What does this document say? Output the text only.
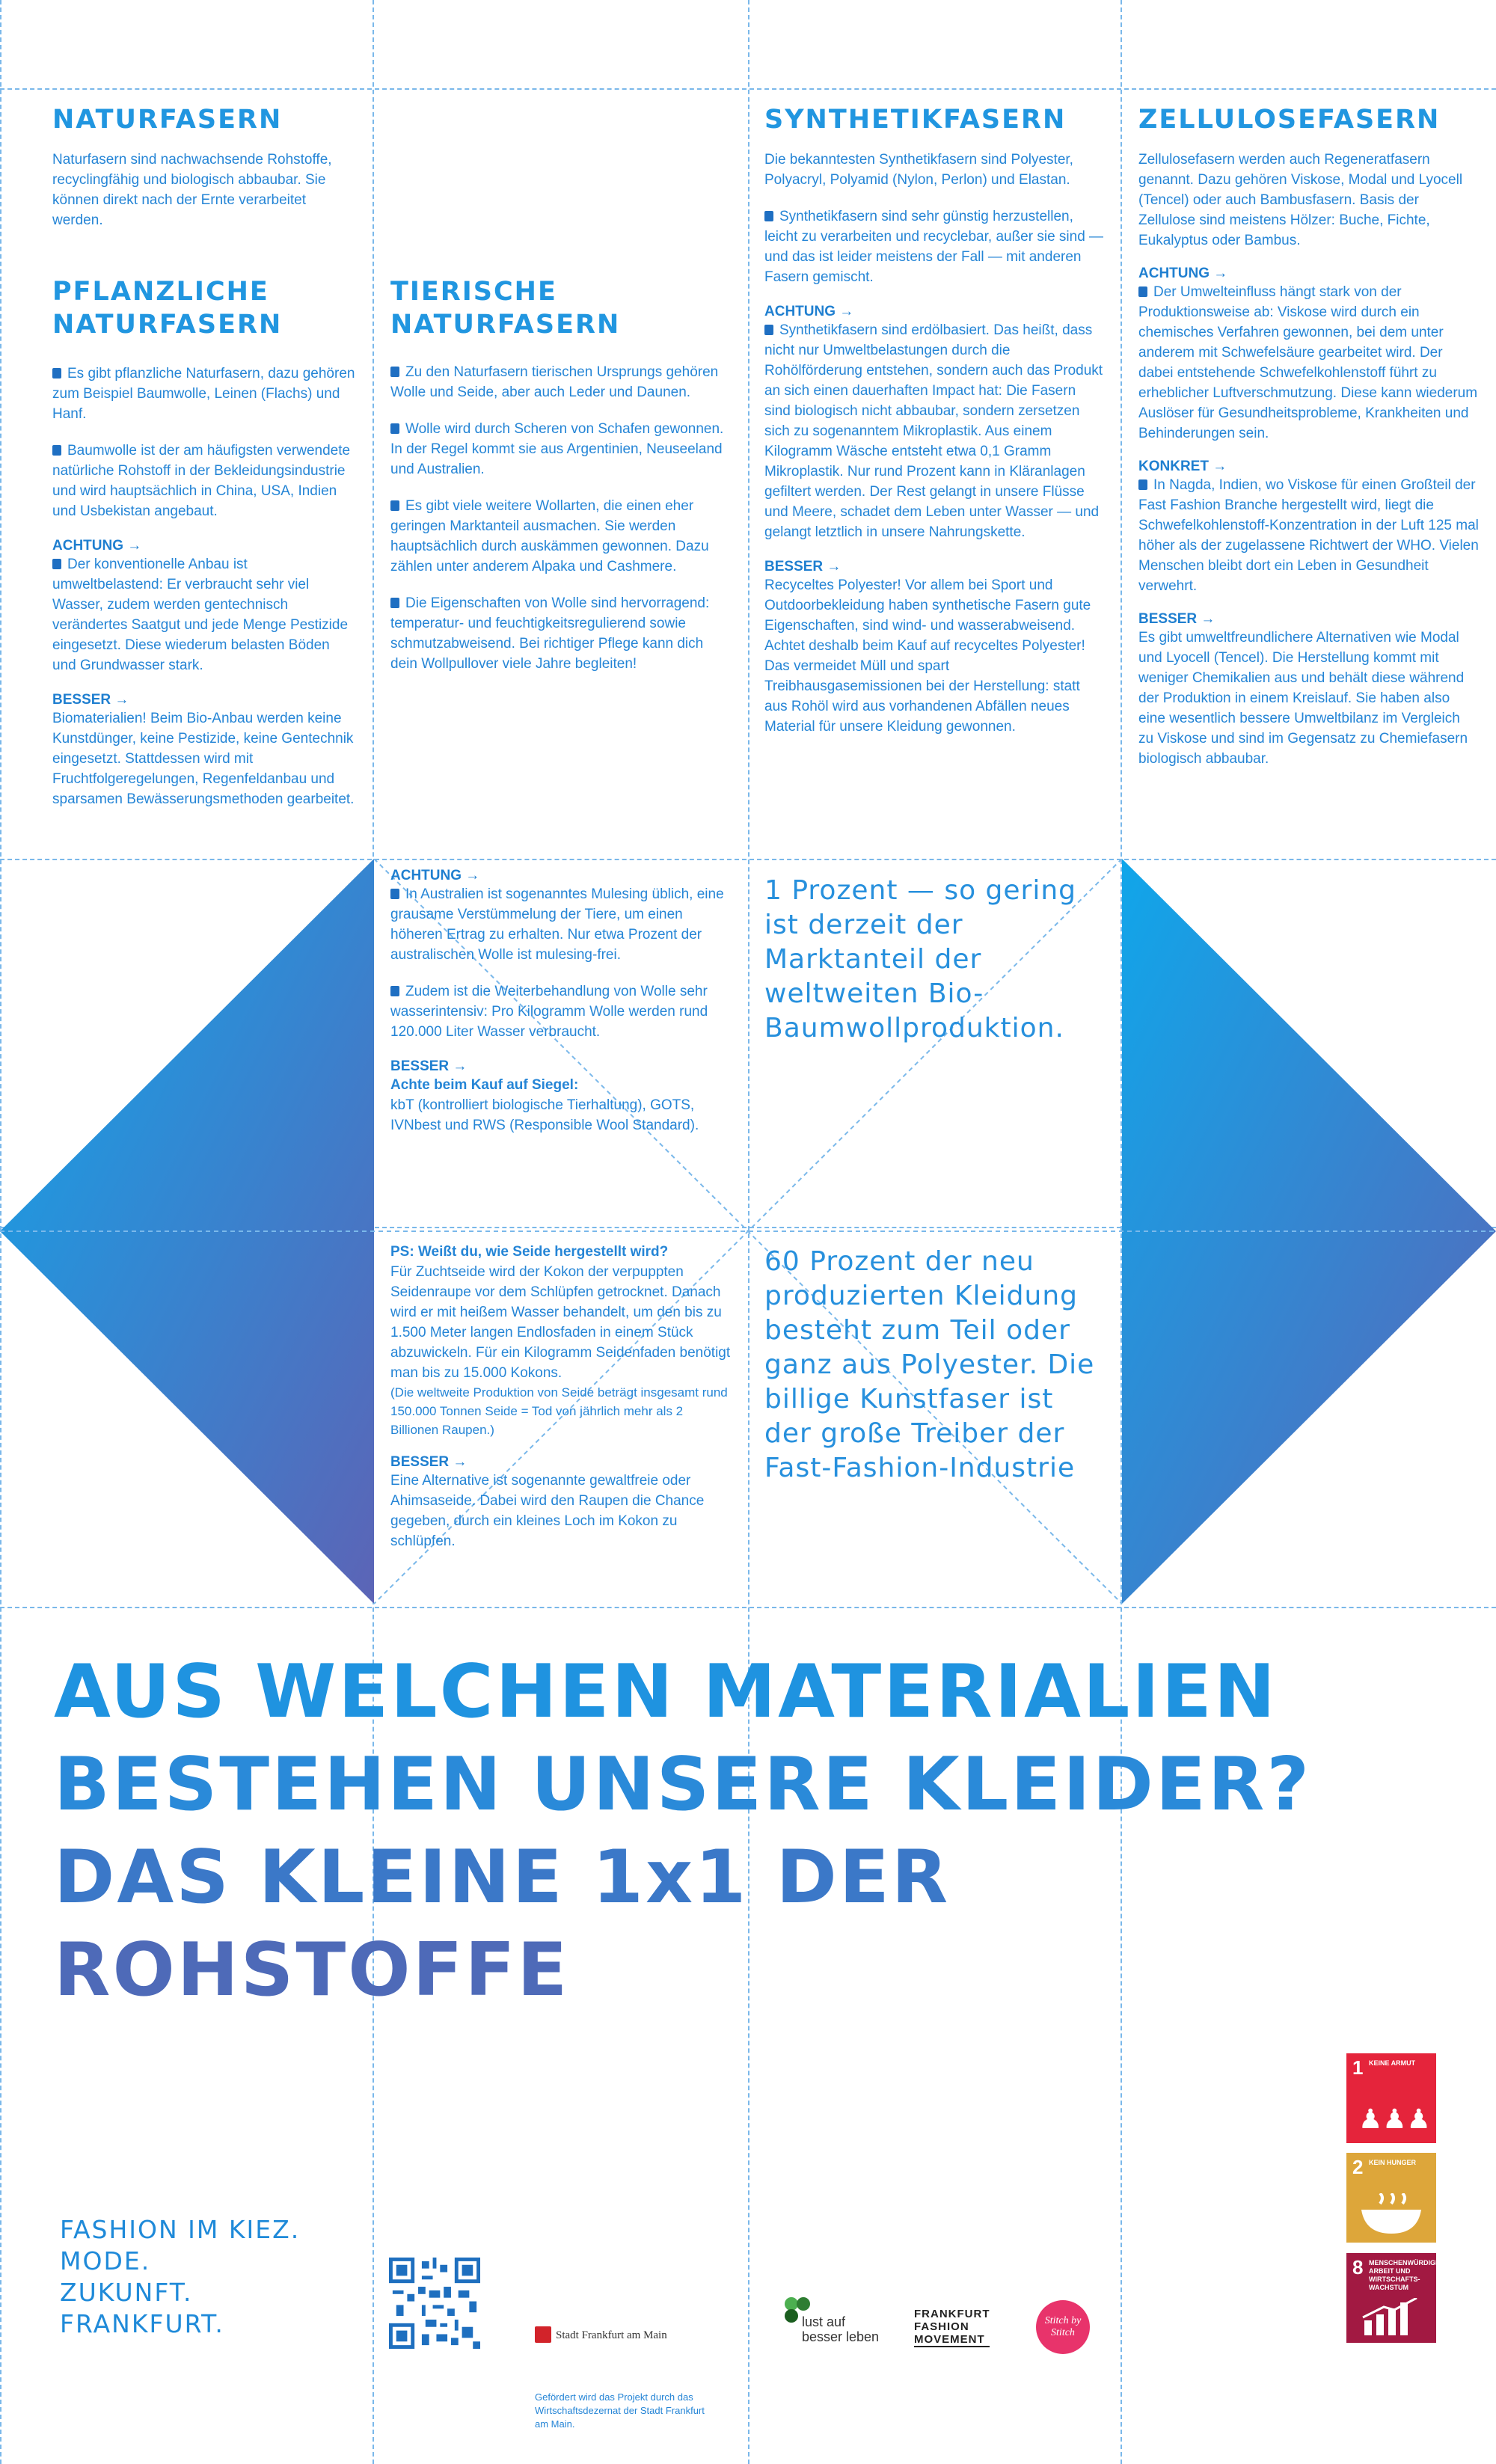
NATURFASERN
Naturfasern sind nachwachsende Rohstoffe, recyclingfähig und biologisch abbaubar. Sie können direkt nach der Ernte verarbeitet werden.
PFLANZLICHE
NATURFASERN
Es gibt pflanzliche Naturfasern, dazu gehören zum Beispiel Baumwolle, Leinen (Flachs) und Hanf.
Baumwolle ist der am häufigsten verwendete natürliche Rohstoff in der Bekleidungsindustrie und wird hauptsächlich in China, USA, Indien und Usbekistan angebaut.
ACHTUNG →
Der konventionelle Anbau ist umweltbelastend: Er verbraucht sehr viel Wasser, zudem werden gentechnisch verändertes Saatgut und jede Menge Pestizide eingesetzt. Diese wiederum belasten Böden und Grundwasser stark.
BESSER →
Biomaterialien! Beim Bio-Anbau werden keine Kunstdünger, keine Pestizide, keine Gentechnik eingesetzt. Stattdessen wird mit Fruchtfolgeregelungen, Regenfeldanbau und sparsamen Bewässerungsmethoden gearbeitet.
TIERISCHE
NATURFASERN
Zu den Naturfasern tierischen Ursprungs gehören Wolle und Seide, aber auch Leder und Daunen.
Wolle wird durch Scheren von Schafen gewonnen. In der Regel kommt sie aus Argentinien, Neuseeland und Australien.
Es gibt viele weitere Wollarten, die einen eher geringen Marktanteil ausmachen. Sie werden hauptsächlich durch auskämmen gewonnen. Dazu zählen unter anderem Alpaka und Cashmere.
Die Eigenschaften von Wolle sind hervorragend: temperatur- und feuchtigkeitsregulierend sowie schmutzabweisend. Bei richtiger Pflege kann dich dein Wollpullover viele Jahre begleiten!
ACHTUNG →
In Australien ist sogenanntes Mulesing üblich, eine grausame Verstümmelung der Tiere, um einen höheren Ertrag zu erhalten. Nur etwa Prozent der australischen Wolle ist mulesing-frei.
Zudem ist die Weiterbehandlung von Wolle sehr wasserintensiv: Pro Kilogramm Wolle werden rund 120.000 Liter Wasser verbraucht.
BESSER →
Achte beim Kauf auf Siegel:
kbT (kontrolliert biologische Tierhaltung), GOTS, IVNbest und RWS (Responsible Wool Standard).
PS: Weißt du, wie Seide hergestellt wird?
Für Zuchtseide wird der Kokon der verpuppten Seidenraupe vor dem Schlüpfen getrocknet. Danach wird er mit heißem Wasser behandelt, um den bis zu 1.500 Meter langen Endlosfaden in einem Stück abzuwickeln. Für ein Kilogramm Seidenfaden benötigt man bis zu 15.000 Kokons.
(Die weltweite Produktion von Seide beträgt insgesamt rund 150.000 Tonnen Seide = Tod von jährlich mehr als 2 Billionen Raupen.)
BESSER →
Eine Alternative ist sogenannte gewaltfreie oder Ahimsaseide. Dabei wird den Raupen die Chance gegeben, durch ein kleines Loch im Kokon zu schlüpfen.
SYNTHETIKFASERN
Die bekanntesten Synthetikfasern sind Polyester, Polyacryl, Polyamid (Nylon, Perlon) und Elastan.
Synthetikfasern sind sehr günstig herzustellen, leicht zu verarbeiten und recyclebar, außer sie sind — und das ist leider meistens der Fall — mit anderen Fasern gemischt.
ACHTUNG →
Synthetikfasern sind erdölbasiert. Das heißt, dass nicht nur Umweltbelastungen durch die Rohölförderung entstehen, sondern auch das Produkt an sich einen dauerhaften Impact hat: Die Fasern sind biologisch nicht abbaubar, sondern zersetzen sich zu sogenanntem Mikroplastik. Aus einem Kilogramm Wäsche entsteht etwa 0,1 Gramm Mikroplastik. Nur rund Prozent kann in Kläranlagen gefiltert werden. Der Rest gelangt in unsere Flüsse und Meere, schadet dem Leben unter Wasser — und gelangt letztlich in unsere Nahrungskette.
BESSER →
Recyceltes Polyester! Vor allem bei Sport und Outdoorbekleidung haben synthetische Fasern gute Eigenschaften, sind wind- und wasserabweisend. Achtet deshalb beim Kauf auf recyceltes Polyester! Das vermeidet Müll und spart Treibhausgasemissionen bei der Herstellung: statt aus Rohöl wird aus vorhandenen Abfällen neues Material für unsere Kleidung gewonnen.
1 Prozent — so gering ist derzeit der Marktanteil der weltweiten Bio-Baumwollproduktion.
60 Prozent der neu produzierten Kleidung besteht zum Teil oder ganz aus Polyester. Die billige Kunstfaser ist der große Treiber der Fast-Fashion-Industrie
ZELLULOSEFASERN
Zellulosefasern werden auch Regeneratfasern genannt. Dazu gehören Viskose, Modal und Lyocell (Tencel) oder auch Bambusfasern. Basis der Zellulose sind meistens Hölzer: Buche, Fichte, Eukalyptus oder Bambus.
ACHTUNG →
Der Umwelteinfluss hängt stark von der Produktionsweise ab: Viskose wird durch ein chemisches Verfahren gewonnen, bei dem unter anderem mit Schwefelsäure gearbeitet wird. Der dabei entstehende Schwefelkohlenstoff führt zu erheblicher Luftverschmutzung. Diese kann wiederum Auslöser für Gesundheitsprobleme, Krankheiten und Behinderungen sein.
KONKRET →
In Nagda, Indien, wo Viskose für einen Großteil der Fast Fashion Branche hergestellt wird, liegt die Schwefelkohlenstoff-Konzentration in der Luft 125 mal höher als der zugelassene Richtwert der WHO. Vielen Menschen bleibt dort ein Leben in Gesundheit verwehrt.
BESSER →
Es gibt umweltfreundlichere Alternativen wie Modal und Lyocell (Tencel). Die Herstellung kommt mit weniger Chemikalien aus und behält diese während der Produktion in einem Kreislauf. Sie haben also eine wesentlich bessere Umweltbilanz im Vergleich zu Viskose und sind im Gegensatz zu Chemiefasern biologisch abbaubar.
AUS WELCHEN MATERIALIEN
BESTEHEN UNSERE KLEIDER?
DAS KLEINE 1x1 DER
ROHSTOFFE
1 KEINE ARMUT
♟♟♟
2 KEIN HUNGER
8 MENSCHENWÜRDIGE ARBEIT UND WIRTSCHAFTS-WACHSTUM
FASHION IM KIEZ.
MODE.
ZUKUNFT.
FRANKFURT.	Stadt Frankfurt am Main
Gefördert wird das Projekt durch das Wirtschaftsdezernat der Stadt Frankfurt am Main.
lust auf
besser leben
FRANKFURT
FASHION
MOVEMENT
Stitch by Stitch
